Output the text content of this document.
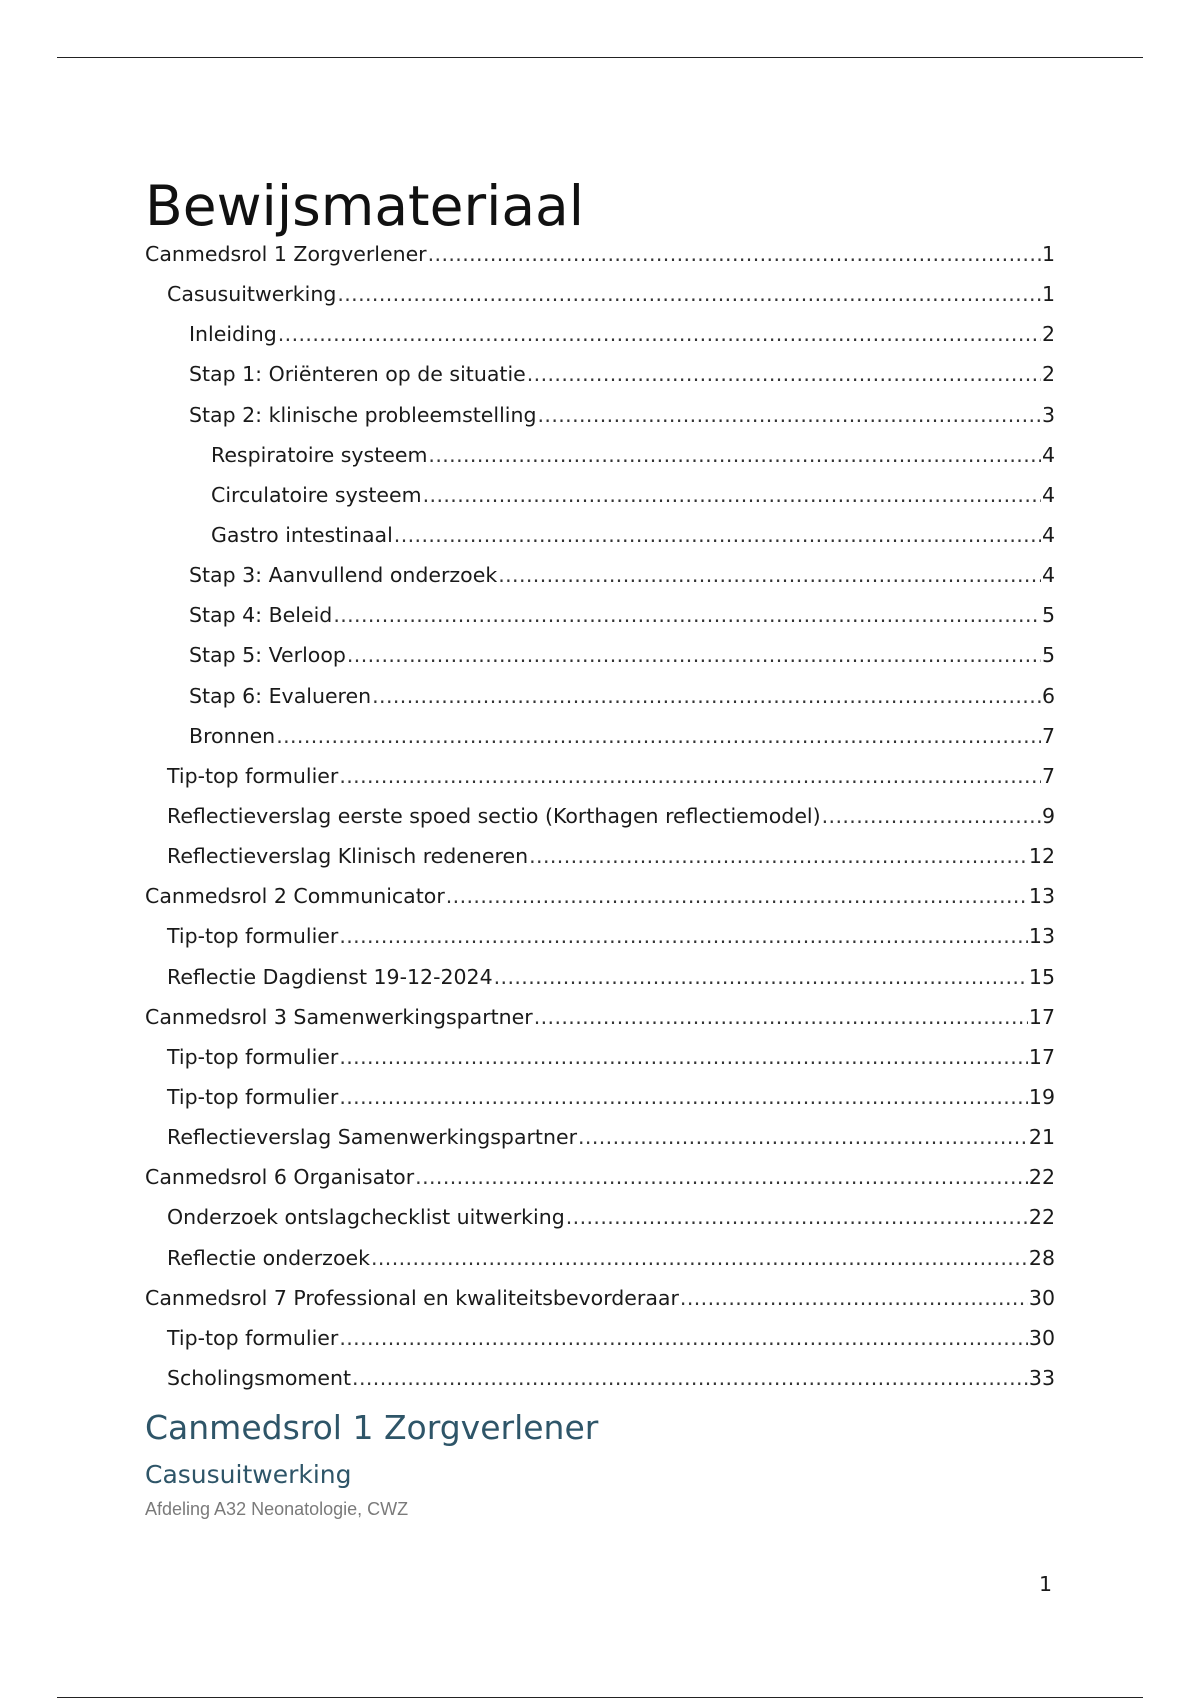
Bewijsmateriaal
Canmedsrol 1 Zorgverlener .....	1
Casusuitwerking .....	1
Inleiding .....	2
Stap 1: Oriënteren op de situatie .....	2
Stap 2: klinische probleemstelling .....	3
Respiratoire systeem .....	4
Circulatoire systeem .....	4
Gastro intestinaal .....	4
Stap 3: Aanvullend onderzoek .....	4
Stap 4: Beleid .....	5
Stap 5: Verloop .....	5
Stap 6: Evalueren .....	6
Bronnen .....	7
Tip-top formulier .....	7
Reflectieverslag eerste spoed sectio (Korthagen reflectiemodel) .....	9
Reflectieverslag Klinisch redeneren .....	12
Canmedsrol 2 Communicator .....	13
Tip-top formulier .....	13
Reflectie Dagdienst 19-12-2024 .....	15
Canmedsrol 3 Samenwerkingspartner .....	17
Tip-top formulier .....	17
Tip-top formulier .....	19
Reflectieverslag Samenwerkingspartner .....	21
Canmedsrol 6 Organisator .....	22
Onderzoek ontslagchecklist uitwerking .....	22
Reflectie onderzoek .....	28
Canmedsrol 7 Professional en kwaliteitsbevorderaar .....	30
Tip-top formulier .....	30
Scholingsmoment .....	33
Canmedsrol 1 Zorgverlener
Casusuitwerking

Afdeling A32 Neonatologie, CWZ

1
